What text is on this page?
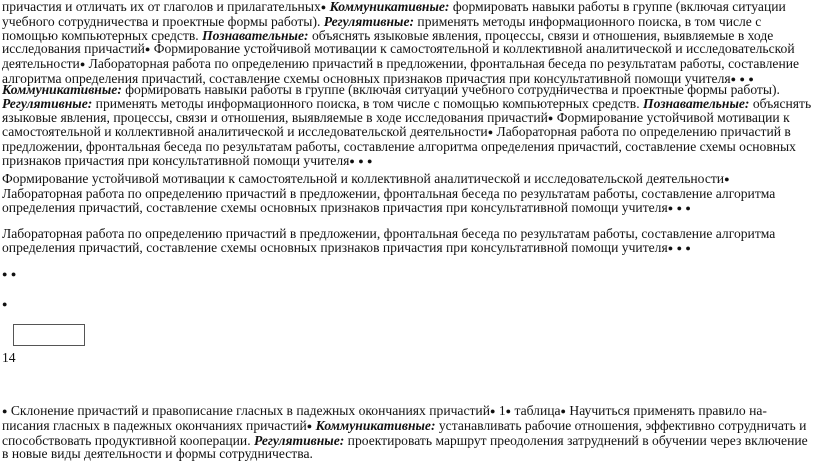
причастия и отличать их от глаголов и прилагательных ● Коммуникативные: формировать навыки работы в группе (включая ситуации учебного сотрудничества и проектные формы работы). Регулятивные: применять методы информационного поиска, в том числе с помощью компьютерных средств. Познавательные: объяснять языковые явления, процессы, связи и отношения, выявляемые в ходе исследования причастий● Формирование устойчивой мотивации к самостоятельной и коллективной аналитической и исследовательской деятельности● Лабораторная работа по определению причастий в предложении, фронтальная беседа по результатам работы, составление алгоритма определения причастий, составление схемы основных признаков причастия при консультативной помощи учителя● ● ●

Коммуникативные: формировать навыки работы в группе (включая ситуации учебного сотрудничества и проектные формы работы). Регулятивные: применять методы информационного поиска, в том числе с помощью компьютерных средств. Познавательные: объяснять языковые явления, процессы, связи и отношения, выявляемые в ходе исследования причастий● Формирование устойчивой мотивации к самостоятельной и коллективной аналитической и исследовательской деятельности● Лабораторная работа по определению причастий в предложении, фронтальная беседа по результатам работы, составление алгоритма определения причастий, составление схемы основных признаков причастия при консультативной помощи учителя● ● ●

Формирование устойчивой мотивации к самостоятельной и коллективной аналитической и исследовательской деятельности● Лабораторная работа по определению причастий в предложении, фронтальная беседа по результатам работы, составление алгоритма определения причастий, составление схемы основных признаков причастия при консультативной помощи учителя● ● ●

Лабораторная работа по определению причастий в предложении, фронтальная беседа по результатам работы, составление алгоритма определения причастий, составление схемы основных признаков причастия при консультативной помощи учителя● ● ●

● ●

●

14

● Склонение причастий и правописание гласных в падежных окончаниях причастий● 1● таблица● Научиться применять правило на-писания гласных в падежных окончаниях причастий ● Коммуникативные: устанавливать рабочие отношения, эффективно сотрудничать и способствовать продуктивной кооперации. Регулятивные: проектировать маршрут преодоления затруднений в обучении через включение в новые виды деятельности и формы сотрудничества.
